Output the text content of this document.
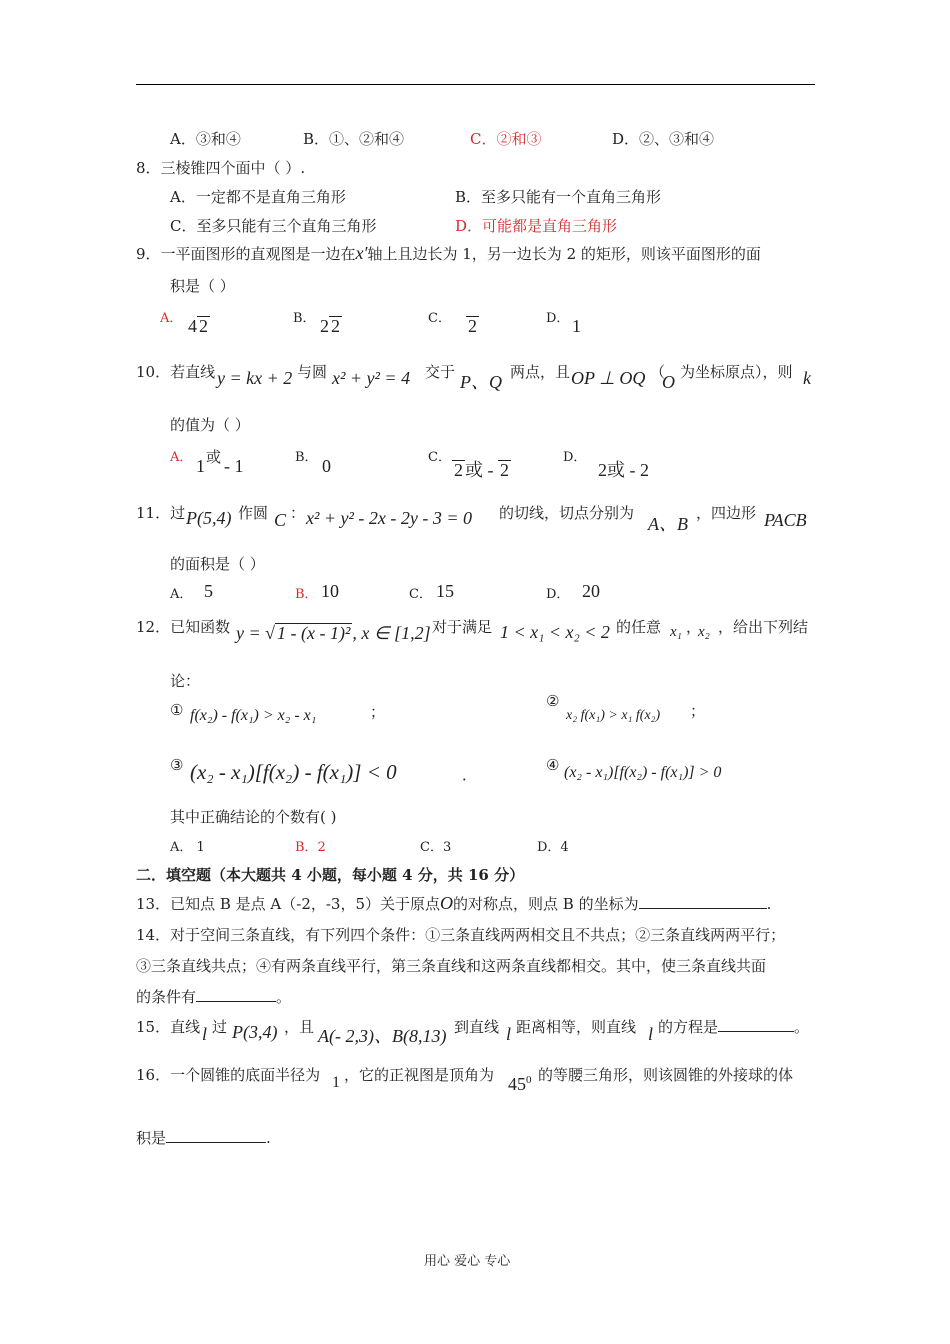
A．③和④	B．①、②和④	C．②和③	D．②、③和④
8．三棱锥四个面中（ ）.
A．一定都不是直角三角形	B．至多只能有一个直角三角形
C．至多只能有三个直角三角形	D．可能都是直角三角形
9．一平面图形的直观图是一边在x′轴上且边长为 1，另一边长为 2 的矩形，则该平面图形的面
积是（ ）
A． 4 2	B． 2 2	C． 2	D． 1
10．若直线 y = kx + 2 与圆 x² + y² = 4 交于 P、Q 两点，且 OP ⊥ OQ （
O 为坐标原点），则 k
的值为（ ）
A． 或
1 - 1	B． 0	C．
2 或 - 2
D．
2或 - 2
11．过 P(5,4) 作圆 C ： x² + y² - 2x - 2y - 3 = 0 的切线，切点分别为
A、B
，四边形 PACB
的面积是（ ）
A． 5	B． 10	C． 15	D． 20
12．已知函数 y = √ 1 - (x - 1)² , x ∈ [1,2] 对于满足 1 < x₁ < x₂ < 2 的任意 x₁ ，
x₂ ，给出下列结
论：
① f(x₂) - f(x₁) > x₂ - x₁	；
②
x₂ f(x₁) > x₁ f(x₂) ；
③ (x₂ - x₁)[f(x₂) - f(x₁)] < 0	．
④ (x₂ - x₁)[f(x₂) - f(x₁)] > 0
其中正确结论的个数有( )
A． 1	B．2	C．3	D．4
二．填空题（本大题共 4 小题，每小题 4 分，共 16 分）
13．已知点 B 是点 A（-2，-3，5）关于原点O的对称点，则点 B 的坐标为	.
14．对于空间三条直线，有下列四个条件：①三条直线两两相交且不共点；②三条直线两两平行；
③三条直线共点；④有两条直线平行，第三条直线和这两条直线都相交。其中，使三条直线共面
的条件有	。
15．直线 l 过 P(3,4) ，且 A(- 2,3)、B(8,13) 到直线 l 距离相等，则直线 l 的方程是	。
16．一个圆锥的底面半径为 1 ，它的正视图是顶角为 $45^0$ 的等腰三角形，则该圆锥的外接球的体
积是	.
用心 爱心 专心
